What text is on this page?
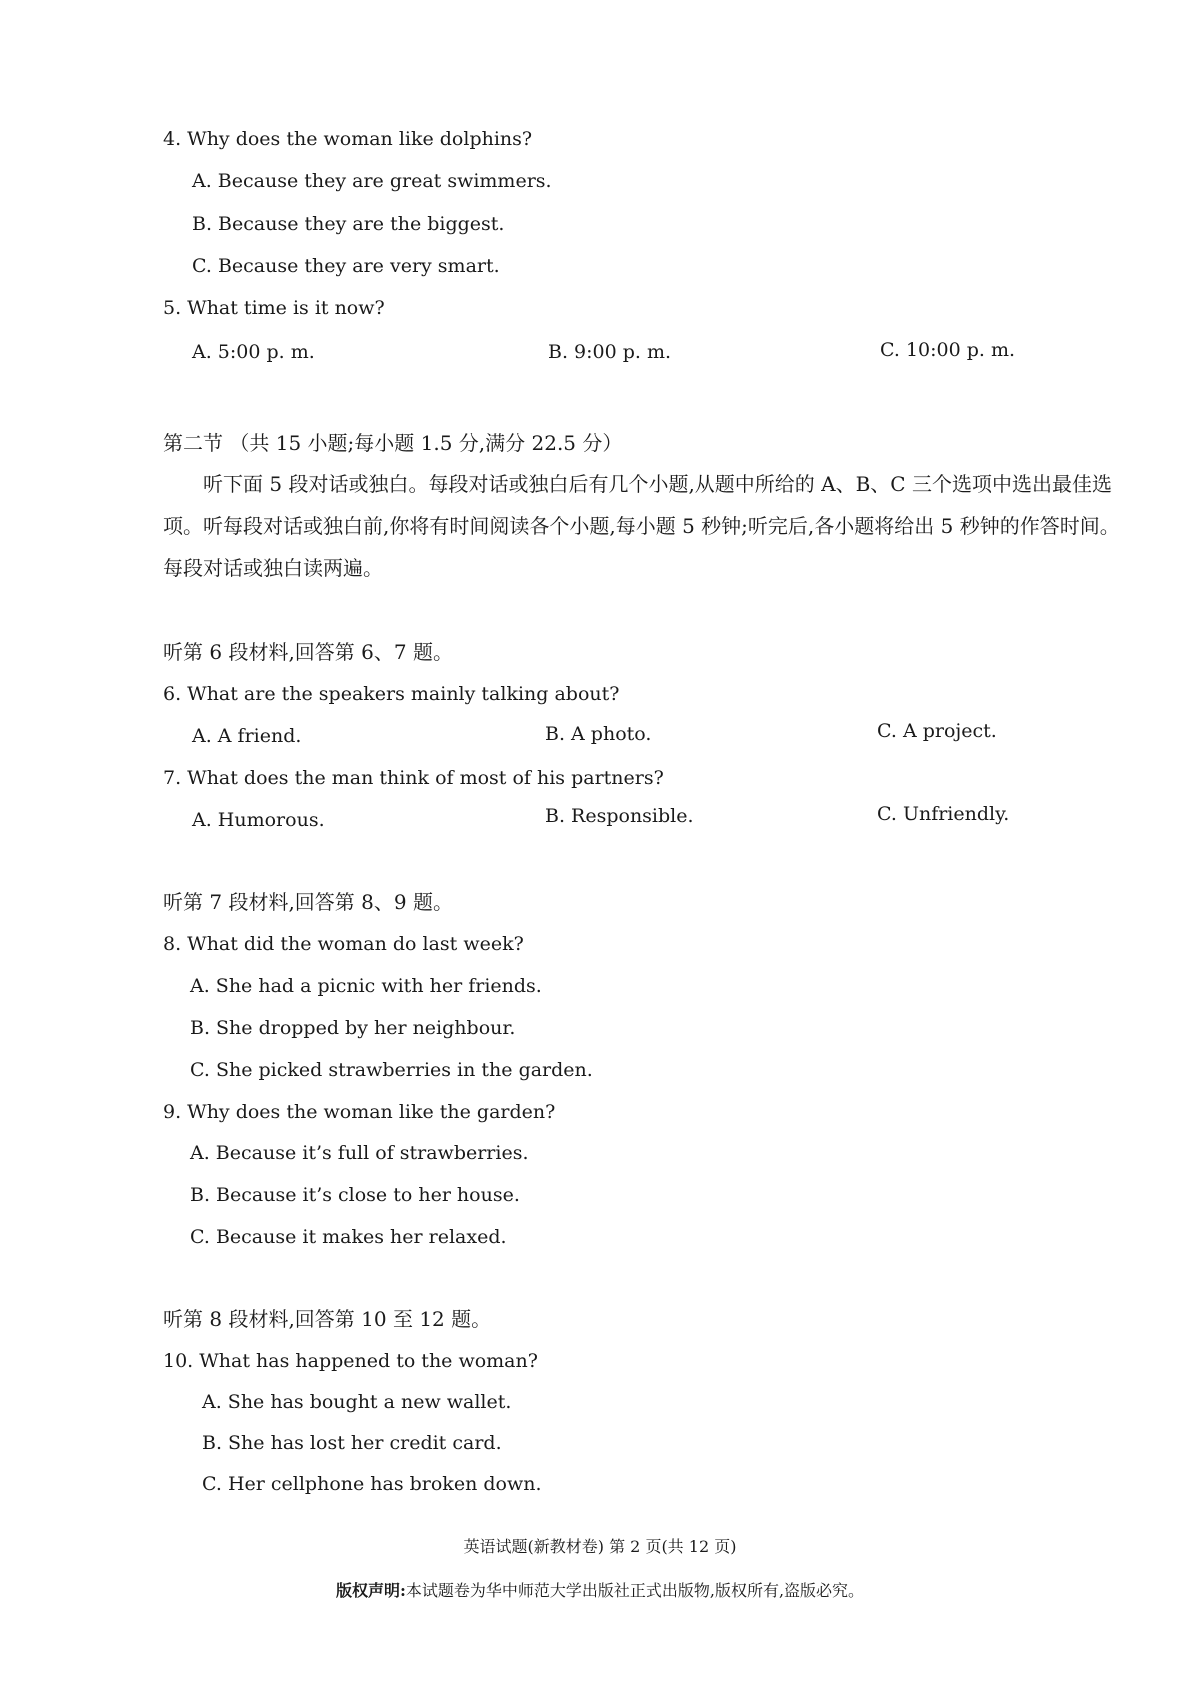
4. Why does the woman like dolphins?
A. Because they are great swimmers.
B. Because they are the biggest.
C. Because they are very smart.
5. What time is it now?
A. 5:00 p. m.	B. 9:00 p. m.	C. 10:00 p. m.
第二节 （共 15 小题;每小题 1.5 分,满分 22.5 分）
听下面 5 段对话或独白。每段对话或独白后有几个小题,从题中所给的 A、B、C 三个选项中选出最佳选项。听每段对话或独白前,你将有时间阅读各个小题,每小题 5 秒钟;听完后,各小题将给出 5 秒钟的作答时间。每段对话或独白读两遍。
听第 6 段材料,回答第 6、7 题。
6. What are the speakers mainly talking about?
A. A friend.	B. A photo.	C. A project.
7. What does the man think of most of his partners?
A. Humorous.	B. Responsible.	C. Unfriendly.
听第 7 段材料,回答第 8、9 题。
8. What did the woman do last week?
A. She had a picnic with her friends.
B. She dropped by her neighbour.
C. She picked strawberries in the garden.
9. Why does the woman like the garden?
A. Because it’s full of strawberries.
B. Because it’s close to her house.
C. Because it makes her relaxed.
听第 8 段材料,回答第 10 至 12 题。
10. What has happened to the woman?
A. She has bought a new wallet.
B. She has lost her credit card.
C. Her cellphone has broken down.
英语试题(新教材卷) 第 2 页(共 12 页)
版权声明:本试题卷为华中师范大学出版社正式出版物,版权所有,盗版必究。
